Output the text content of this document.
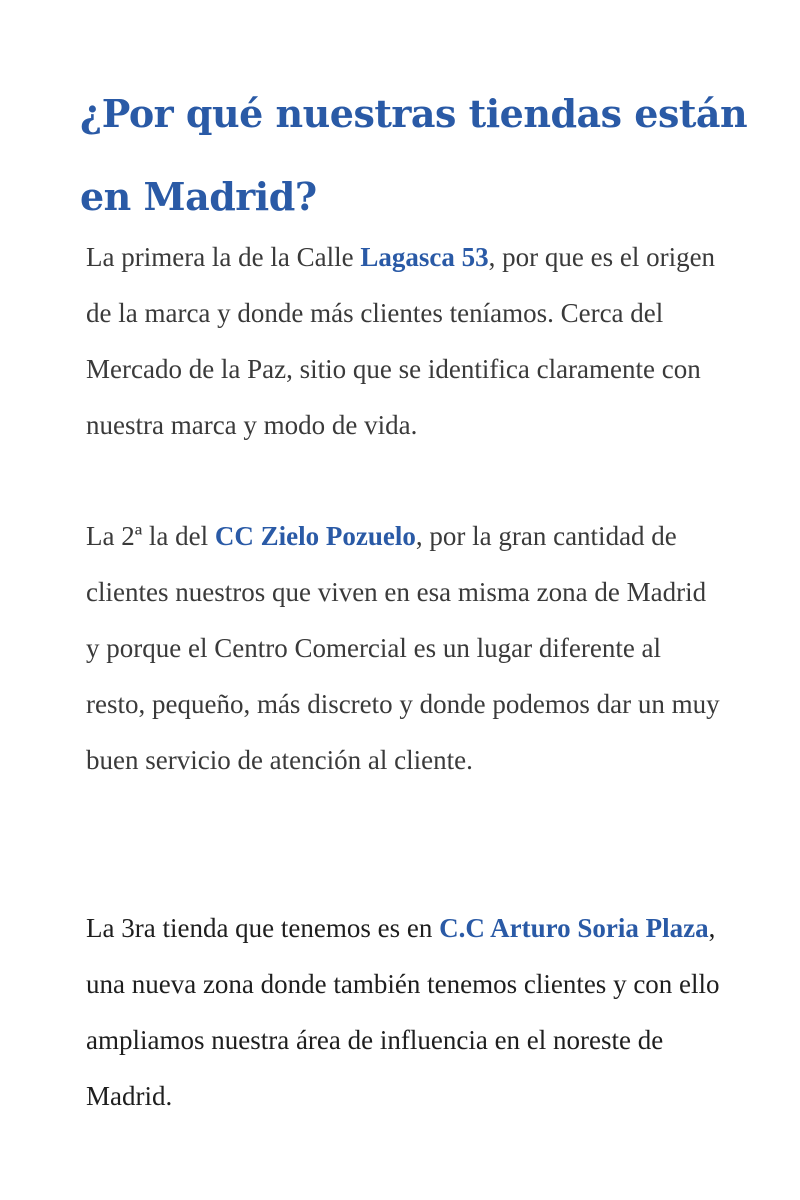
¿Por qué nuestras tiendas están en Madrid?

La primera la de la Calle Lagasca 53, por que es el origen de la marca y donde más clientes teníamos. Cerca del Mercado de la Paz, sitio que se identifica claramente con nuestra marca y modo de vida.

La 2ª la del CC Zielo Pozuelo, por la gran cantidad de clientes nuestros que viven en esa misma zona de Madrid y porque el Centro Comercial es un lugar diferente al resto, pequeño, más discreto y donde podemos dar un muy buen servicio de atención al cliente.

La 3ra tienda que tenemos es en C.C Arturo Soria Plaza, una nueva zona donde también tenemos clientes y con ello ampliamos nuestra área de influencia en el noreste de Madrid.
